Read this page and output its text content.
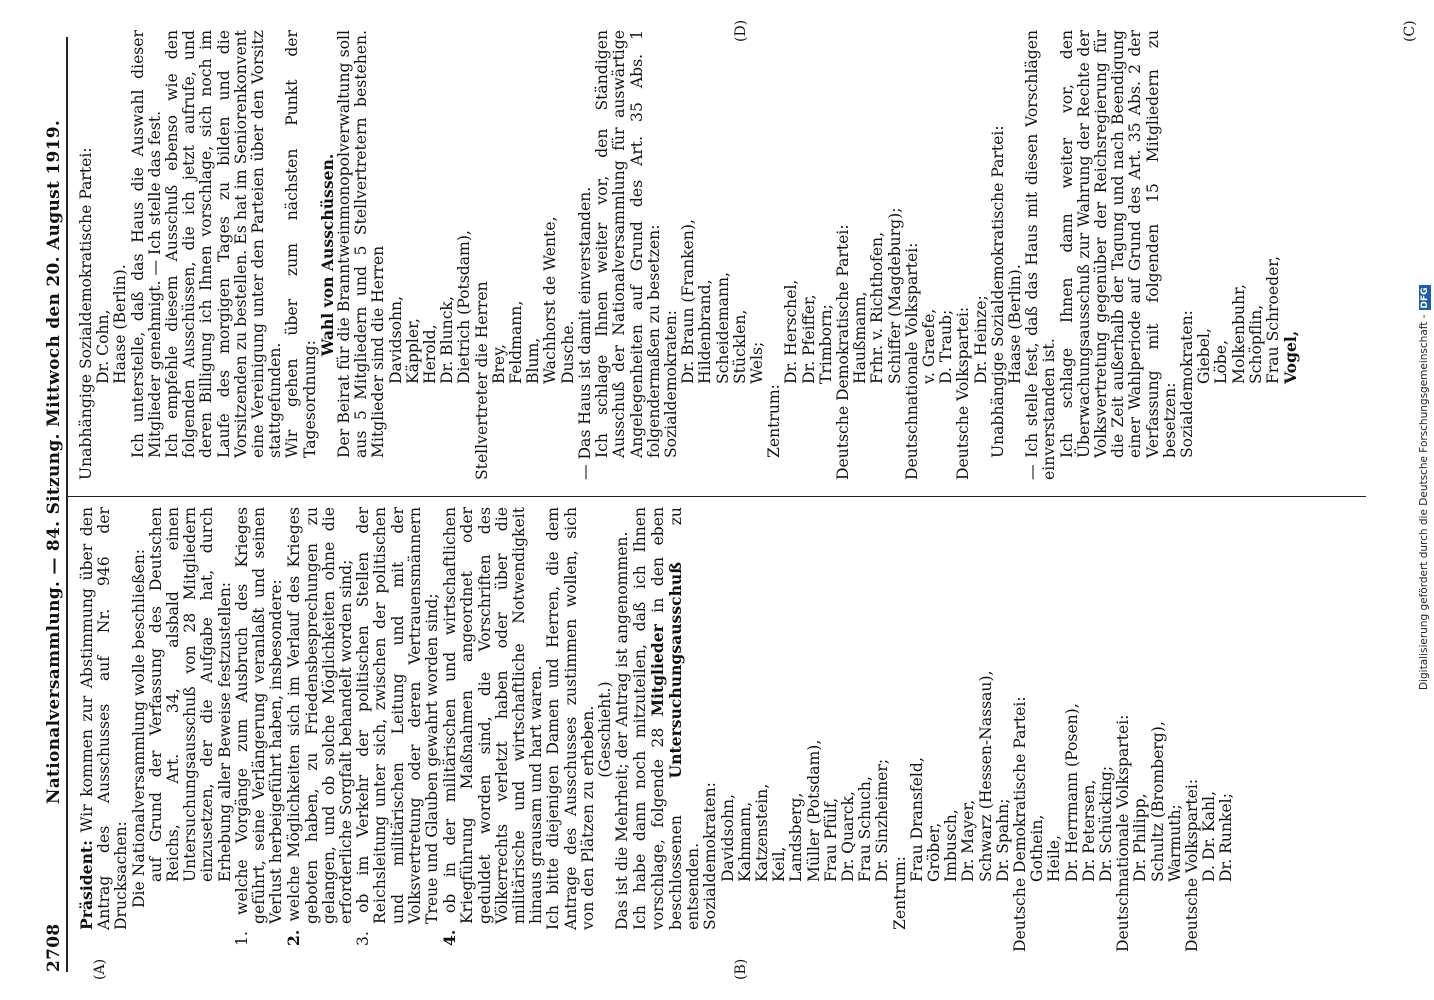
2708
Nationalversammlung. — 84. Sitzung. Mittwoch den 20. August 1919.
(A)	(B)
(C)
(D)

Präsident: Wir kommen zur Abstimmung über den Antrag des Ausschusses auf Nr. 946 der Drucksachen: Die Nationalversammlung wolle beschließen: auf Grund der Verfassung des Deutschen Reichs, Art. 34, alsbald einen Untersuchungsausschuß von 28 Mitgliedern einzusetzen, der die Aufgabe hat, durch Erhebung aller Beweise festzustellen:

1. welche Vorgänge zum Ausbruch des Krieges geführt, seine Verlängerung veranlaßt und seinen Verlust herbeigeführt haben, insbesondere:

2. welche Möglichkeiten sich im Verlauf des Krieges geboten haben, zu Friedensbesprechungen zu gelangen, und ob solche Möglichkeiten ohne die erforderliche Sorgfalt behandelt worden sind;

3. ob im Verkehr der politischen Stellen der Reichsleitung unter sich, zwischen der politischen und militärischen Leitung und mit der Volksvertretung oder deren Vertrauensmännern Treue und Glauben gewahrt worden sind;

4. ob in der militärischen und wirtschaftlichen Kriegführung Maßnahmen angeordnet oder geduldet worden sind, die Vorschriften des Völkerrechts verletzt haben oder über die militärische und wirtschaftliche Notwendigkeit hinaus grausam und hart waren. Ich bitte diejenigen Damen und Herren, die dem Antrage des Ausschusses zustimmen wollen, sich von den Plätzen zu erheben. (Geschieht.) Das ist die Mehrheit; der Antrag ist angenommen. Ich habe dann noch mitzuteilen, daß ich Ihnen vorschlage, folgende 28 Mitglieder in den eben beschlossenen Untersuchungsausschuß zu entsenden. Sozialdemokraten: Davidsohn, Kahmann, Katzenstein, Keil, Landsberg, Müller (Potsdam), Frau Pfülf, Dr. Quarck, Frau Schuch, Dr. Sinzheimer;

Zentrum:

Frau Dransfeld, Gröber, Imbusch, Dr. Mayer, Schwarz (Hessen-Nassau), Dr. Spahn; Deutsche Demokratische Partei: Gothein, Heile, Dr. Herrmann (Posen), Dr. Petersen, Dr. Schücking; Deutschnationale Volkspartei: Dr. Philipp, Schultz (Bromberg), Warmuth; Deutsche Volkspartei: D. Dr. Kahl, Dr. Runkel;

Unabhängige Sozialdemokratische Partei: Dr. Cohn, Haase (Berlin). Ich unterstelle, daß das Haus die Auswahl dieser Mitglieder genehmigt. — Ich stelle das fest. Ich empfehle diesem Ausschuß ebenso wie den folgenden Ausschüssen, die ich jetzt aufrufe, und deren Billigung ich Ihnen vorschlage, sich noch im Laufe des morgigen Tages zu bilden und die Vorsitzenden zu bestellen. Es hat im Seniorenkonvent eine Vereinigung unter den Parteien über den Vorsitz stattgefunden. Wir gehen über zum nächsten Punkt der Tagesordnung:

Wahl von Ausschüssen.

Der Beirat für die Branntweinmonopolverwaltung soll aus 5 Mitgliedern und 5 Stellvertretern bestehen. Mitglieder sind die Herren Davidsohn, Käppler, Herold, Dr. Blunck, Dietrich (Potsdam), Stellvertreter die Herren Brey, Feldmann, Blum, Wachhorst de Wente, Dusche. — Das Haus ist damit einverstanden. Ich schlage Ihnen weiter vor, den Ständigen Ausschuß der Nationalversammlung für auswärtige Angelegenheiten auf Grund des Art. 35 Abs. 1 folgendermaßen zu besetzen: Sozialdemokraten:

Dr. Braun (Franken), Hildenbrand, Scheidemann, Stücklen, Wels;

Zentrum:

Dr. Herschel, Dr. Pfeiffer, Trimborn; Deutsche Demokratische Partei: Haußmann, Frhr. v. Richthofen, Schiffer (Magdeburg); Deutschnationale Volkspartei: v. Graefe, D. Traub; Deutsche Volkspartei: Dr. Heinze; Unabhängige Sozialdemokratische Partei: Haase (Berlin). — Ich stelle fest, daß das Haus mit diesen Vorschlägen einverstanden ist. Ich schlage Ihnen dann weiter vor, den Überwachungsausschuß zur Wahrung der Rechte der Volksvertretung gegenüber der Reichsregierung für die Zeit außerhalb der Tagung und nach Beendigung einer Wahlperiode auf Grund des Art. 35 Abs. 2 der Verfassung mit folgenden 15 Mitgliedern zu besetzen: Sozialdemokraten: Giebel, Löbe, Molkenbuhr, Schöpflin, Frau Schroeder, Vogel,	Digitalisierung gefördert durch die Deutsche Forschungsgemeinschaft -DFG
